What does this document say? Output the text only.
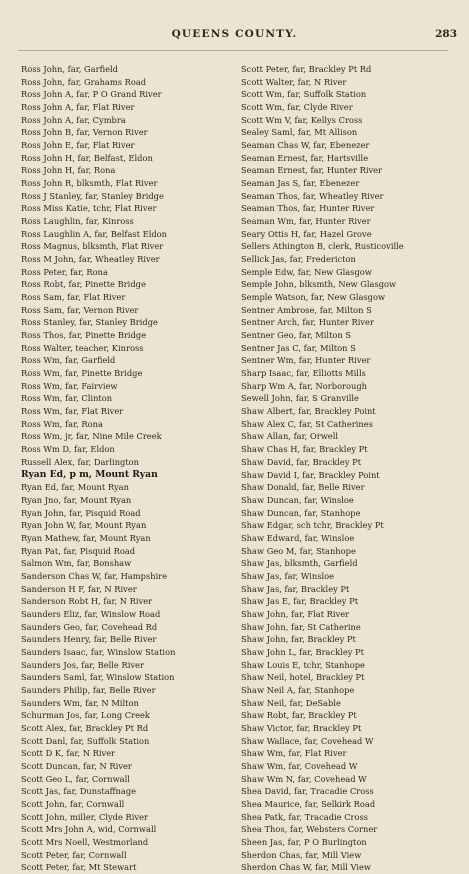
QUEENS COUNTY.	283
Ross John, far, Garfield
Ross John, far, Grahams Road
Ross John A, far, P O Grand River
Ross John A, far, Flat River
Ross John A, far, Cymbra
Ross John B, far, Vernon River
Ross John E, far, Flat River
Ross John H, far, Belfast, Eldon
Ross John H, far, Rona
Ross John R, blksmth, Flat River
Ross J Stanley, far, Stanley Bridge
Ross Miss Katie, tchr, Flat River
Ross Laughlin, far, Kinross
Ross Laughlin A, far, Belfast Eldon
Ross Magnus, blksmth, Flat River
Ross M John, far, Wheatley River
Ross Peter, far, Rona
Ross Robt, far, Pinette Bridge
Ross Sam, far, Flat River
Ross Sam, far, Vernon River
Ross Stanley, far, Stanley Bridge
Ross Thos, far, Pinette Bridge
Ross Walter, teacher, Kinross
Ross Wm, far, Garfield
Ross Wm, far, Pinette Bridge
Ross Wm, far, Fairview
Ross Wm, far, Clinton
Ross Wm, far, Flat River
Ross Wm, far, Rona
Ross Wm, jr, far, Nine Mile Creek
Ross Wm D, far, Eldon
Russell Alex, far, Darlington
Ryan Ed, p m, Mount Ryan
Ryan Ed, far, Mount Ryan
Ryan Jno, far, Mount Ryan
Ryan John, far, Pisquid Road
Ryan John W, far, Mount Ryan
Ryan Mathew, far, Mount Ryan
Ryan Pat, far, Pisquid Road
Salmon Wm, far, Bonshaw
Sanderson Chas W, far, Hampshire
Sanderson H F, far, N River
Sanderson Robt H, far, N River
Saunders Eliz, far, Winslow Road
Saunders Geo, far, Covehead Rd
Saunders Henry, far, Belle River
Saunders Isaac, far, Winslow Station
Saunders Jos, far, Belle River
Saunders Saml, far, Winslow Station
Saunders Philip, far, Belle River
Saunders Wm, far, N Milton
Schurman Jos, far, Long Creek
Scott Alex, far, Brackley Pt Rd
Scott Danl, far, Suffolk Station
Scott D K, far, N River
Scott Duncan, far, N River
Scott Geo L, far, Cornwall
Scott Jas, far, Dunstaffnage
Scott John, far, Cornwall
Scott John, miller, Clyde River
Scott Mrs John A, wid, Cornwall
Scott Mrs Noell, Westmorland
Scott Peter, far, Cornwall
Scott Peter, far, Mt Stewart
Scott Peter, far, Brackley Pt Rd
Scott Walter, far, N River
Scott Wm, far, Suffolk Station
Scott Wm, far, Clyde River
Scott Wm V, far, Kellys Cross
Sealey Saml, far, Mt Allison
Seaman Chas W, far, Ebenezer
Seaman Ernest, far, Hartsville
Seaman Ernest, far, Hunter River
Seaman Jas S, far, Ebenezer
Seaman Thos, far, Wheatley River
Seaman Thos, far, Hunter River
Seaman Wm, far, Hunter River
Seary Ottis H, far, Hazel Grove
Sellers Athington B, clerk, Rusticoville
Sellick Jas, far, Fredericton
Semple Edw, far, New Glasgow
Semple John, blksmth, New Glasgow
Semple Watson, far, New Glasgow
Sentner Ambrose, far, Milton S
Sentner Arch, far, Hunter River
Sentner Geo, far, Milton S
Sentner Jas C, far, Milton S
Sentner Wm, far, Hunter River
Sharp Isaac, far, Elliotts Mills
Sharp Wm A, far, Norborough
Sewell John, far, S Granville
Shaw Albert, far, Brackley Point
Shaw Alex C, far, St Catherines
Shaw Allan, far, Orwell
Shaw Chas H, far, Brackley Pt
Shaw David, far, Brackley Pt
Shaw David I, far, Brackley Point
Shaw Donald, far, Belle River
Shaw Duncan, far, Winsloe
Shaw Duncan, far, Stanhope
Shaw Edgar, sch tchr, Brackley Pt
Shaw Edward, far, Winsloe
Shaw Geo M, far, Stanhope
Shaw Jas, blksmth, Garfield
Shaw Jas, far, Winsloe
Shaw Jas, far, Brackley Pt
Shaw Jas E, far, Brackley Pt
Shaw John, far, Flat River
Shaw John, far, St Catherine
Shaw John, far, Brackley Pt
Shaw John L, far, Brackley Pt
Shaw Louis E, tchr, Stanhope
Shaw Neil, hotel, Brackley Pt
Shaw Neil A, far, Stanhope
Shaw Neil, far, DeSable
Shaw Robt, far, Brackley Pt
Shaw Victor, far, Brackley Pt
Shaw Wallace, far, Covehead W
Shaw Wm, far, Flat River
Shaw Wm, far, Covehead W
Shaw Wm N, far, Covehead W
Shea David, far, Tracadie Cross
Shea Maurice, far, Selkirk Road
Shea Patk, far, Tracadie Cross
Shea Thos, far, Websters Corner
Sheen Jas, far, P O Burlington
Sherdon Chas, far, Mill View
Sherdon Chas W, far, Mill View
